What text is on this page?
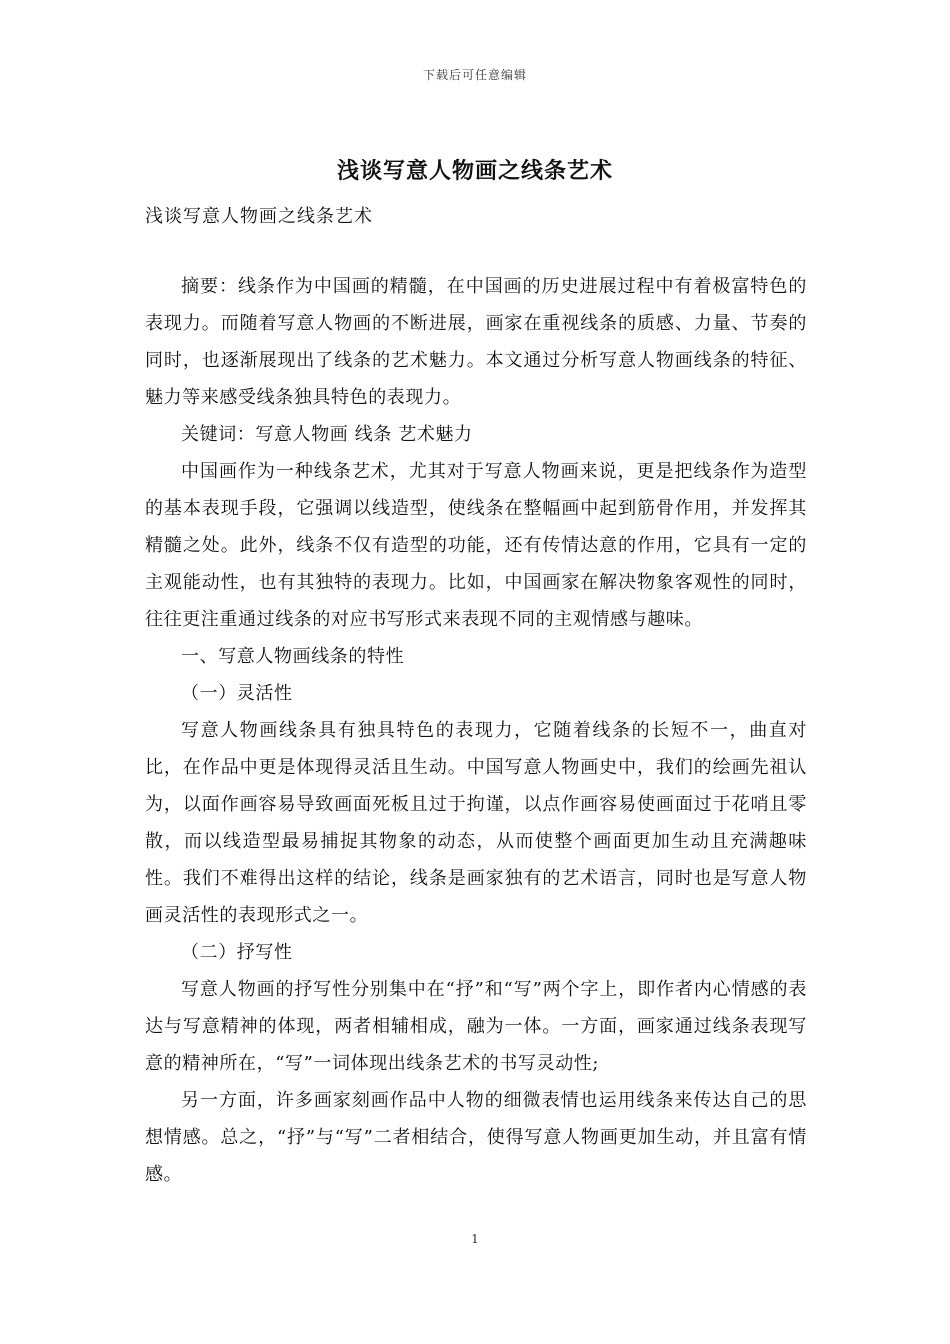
下载后可任意编辑
浅谈写意人物画之线条艺术
浅谈写意人物画之线条艺术

摘要：线条作为中国画的精髓，在中国画的历史进展过程中有着极富特色的表现力。而随着写意人物画的不断进展，画家在重视线条的质感、力量、节奏的同时，也逐渐展现出了线条的艺术魅力。本文通过分析写意人物画线条的特征、魅力等来感受线条独具特色的表现力。

关键词：写意人物画 线条 艺术魅力

中国画作为一种线条艺术，尤其对于写意人物画来说，更是把线条作为造型的基本表现手段，它强调以线造型，使线条在整幅画中起到筋骨作用，并发挥其精髓之处。此外，线条不仅有造型的功能，还有传情达意的作用，它具有一定的主观能动性，也有其独特的表现力。比如，中国画家在解决物象客观性的同时，往往更注重通过线条的对应书写形式来表现不同的主观情感与趣味。

一、写意人物画线条的特性

（一）灵活性

写意人物画线条具有独具特色的表现力，它随着线条的长短不一，曲直对比，在作品中更是体现得灵活且生动。中国写意人物画史中，我们的绘画先祖认为，以面作画容易导致画面死板且过于拘谨，以点作画容易使画面过于花哨且零散，而以线造型最易捕捉其物象的动态，从而使整个画面更加生动且充满趣味性。我们不难得出这样的结论，线条是画家独有的艺术语言，同时也是写意人物画灵活性的表现形式之一。

（二）抒写性

写意人物画的抒写性分别集中在“抒”和“写”两个字上，即作者内心情感的表达与写意精神的体现，两者相辅相成，融为一体。一方面，画家通过线条表现写意的精神所在，“写”一词体现出线条艺术的书写灵动性;

另一方面，许多画家刻画作品中人物的细微表情也运用线条来传达自己的思想情感。总之，“抒”与“写”二者相结合，使得写意人物画更加生动，并且富有情感。

1
